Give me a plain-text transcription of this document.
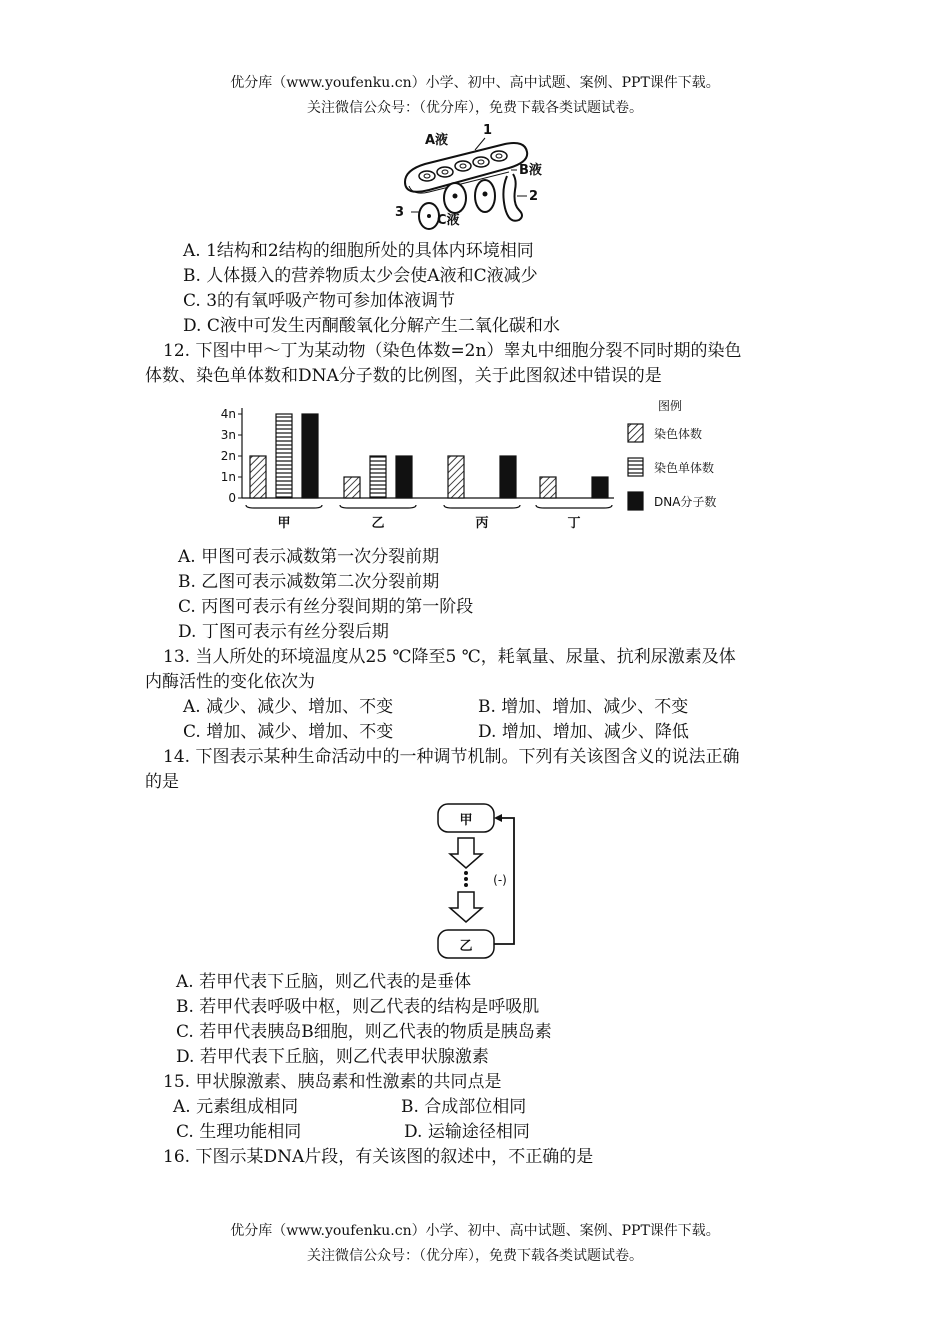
优分库（www.youfenku.cn）小学、初中、高中试题、案例、PPT课件下载。
关注微信公众号：（优分库），免费下载各类试题试卷。
A液
1
B液
2
3
C液
A. 1结构和2结构的细胞所处的具体内环境相同
B. 人体摄入的营养物质太少会使A液和C液减少
C. 3的有氧呼吸产物可参加体液调节
D. C液中可发生丙酮酸氧化分解产生二氧化碳和水
12. 下图中甲～丁为某动物（染色体数=2n）睾丸中细胞分裂不同时期的染色
体数、染色单体数和DNA分子数的比例图，关于此图叙述中错误的是
0
1n
2n
3n
4n
甲	乙	丙	丁
图例
染色体数
染色单体数
DNA分子数
A. 甲图可表示减数第一次分裂前期
B. 乙图可表示减数第二次分裂前期
C. 丙图可表示有丝分裂间期的第一阶段
D. 丁图可表示有丝分裂后期
13. 当人所处的环境温度从25 ℃降至5 ℃，耗氧量、尿量、抗利尿激素及体
内酶活性的变化依次为
A. 减少、减少、增加、不变	B. 增加、增加、减少、不变
C. 增加、减少、增加、不变	D. 增加、增加、减少、降低
14. 下图表示某种生命活动中的一种调节机制。下列有关该图含义的说法正确
的是
甲
乙
(-)
A. 若甲代表下丘脑，则乙代表的是垂体
B. 若甲代表呼吸中枢，则乙代表的结构是呼吸肌
C. 若甲代表胰岛B细胞，则乙代表的物质是胰岛素
D. 若甲代表下丘脑，则乙代表甲状腺激素
15. 甲状腺激素、胰岛素和性激素的共同点是
A. 元素组成相同	B. 合成部位相同
C. 生理功能相同	D. 运输途径相同
16. 下图示某DNA片段，有关该图的叙述中，不正确的是
优分库（www.youfenku.cn）小学、初中、高中试题、案例、PPT课件下载。
关注微信公众号：（优分库），免费下载各类试题试卷。
